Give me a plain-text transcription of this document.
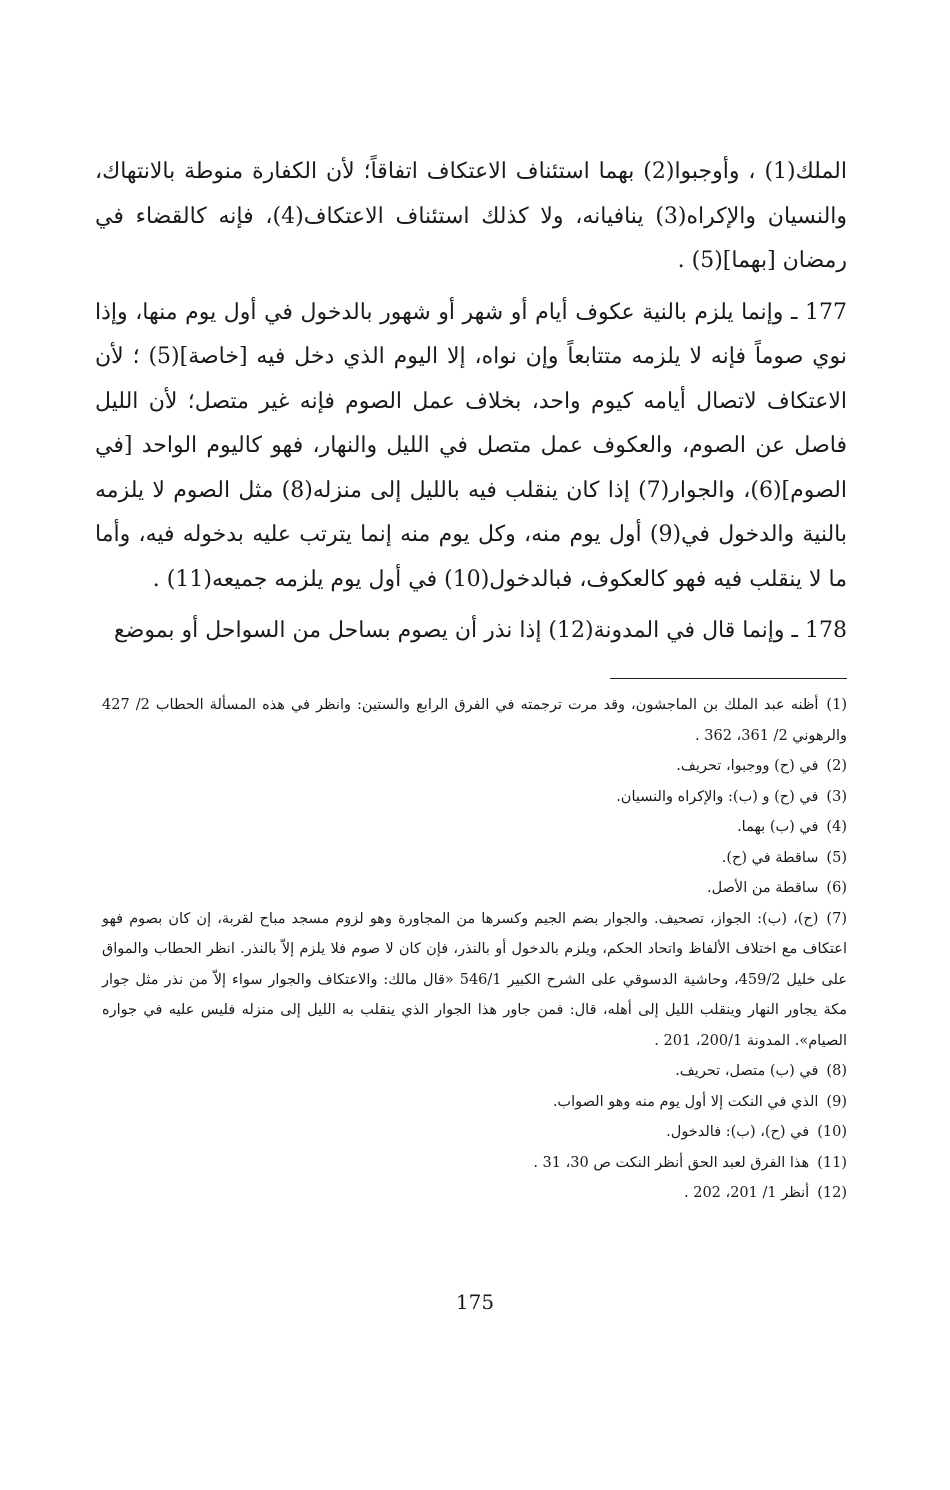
الملك(1) ، وأوجبوا(2) بهما استئناف الاعتكاف اتفاقاً؛ لأن الكفارة منوطة بالانتهاك، والنسيان والإكراه(3) ينافيانه، ولا كذلك استئناف الاعتكاف(4)، فإنه كالقضاء في رمضان [بهما](5) .

177 ـ وإنما يلزم بالنية عكوف أيام أو شهر أو شهور بالدخول في أول يوم منها، وإذا نوي صوماً فإنه لا يلزمه متتابعاً وإن نواه، إلا اليوم الذي دخل فيه [خاصة](5) ؛ لأن الاعتكاف لاتصال أيامه كيوم واحد، بخلاف عمل الصوم فإنه غير متصل؛ لأن الليل فاصل عن الصوم، والعكوف عمل متصل في الليل والنهار، فهو كاليوم الواحد [في الصوم](6)، والجوار(7) إذا كان ينقلب فيه بالليل إلى منزله(8) مثل الصوم لا يلزمه بالنية والدخول في(9) أول يوم منه، وكل يوم منه إنما يترتب عليه بدخوله فيه، وأما ما لا ينقلب فيه فهو كالعكوف، فبالدخول(10) في أول يوم يلزمه جميعه(11) .

178 ـ وإنما قال في المدونة(12) إذا نذر أن يصوم بساحل من السواحل أو بموضع

(1)أظنه عبد الملك بن الماجشون، وقد مرت ترجمته في الفرق الرابع والستين: وانظر في هذه المسألة الحطاب 2/ 427 والرهوني 2/ 361، 362 .

(2)في (ح) ووجبوا، تحريف.

(3)في (ح) و (ب): والإكراه والنسيان.

(4)في (ب) بهما.

(5)ساقطة في (ح).

(6)ساقطة من الأصل.

(7)(ح)، (ب): الجواز، تصحيف. والجوار بضم الجيم وكسرها من المجاورة وهو لزوم مسجد مباح لقربة، إن كان بصوم فهو اعتكاف مع اختلاف الألفاظ واتحاد الحكم، ويلزم بالدخول أو بالنذر، فإن كان لا صوم فلا يلزم إلاّ بالنذر. انظر الحطاب والمواق على خليل 459/2، وحاشية الدسوقي على الشرح الكبير 546/1 «قال مالك: والاعتكاف والجوار سواء إلاّ من نذر مثل جوار مكة يجاور النهار وينقلب الليل إلى أهله، قال: فمن جاور هذا الجوار الذي ينقلب به الليل إلى منزله فليس عليه في جواره الصيام». المدونة 200/1، 201 .

(8)في (ب) متصل، تحريف.

(9)الذي في النكت إلا أول يوم منه وهو الصواب.

(10)في (ح)، (ب): فالدخول.

(11)هذا الفرق لعبد الحق أنظر النكت ص 30، 31 .

(12)أنظر 1/ 201، 202 .

175
